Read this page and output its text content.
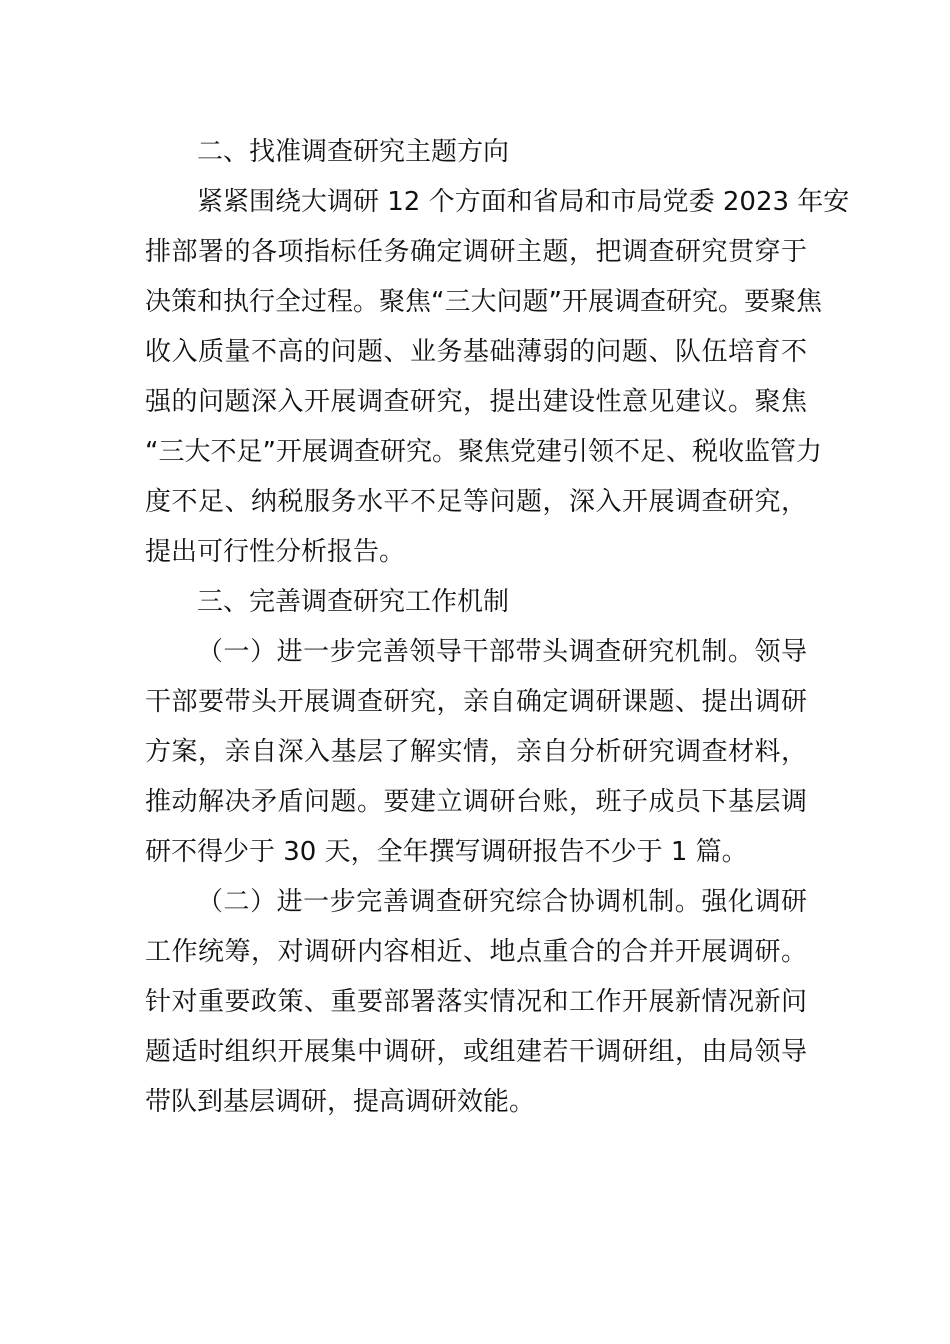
二、找准调查研究主题方向
紧紧围绕大调研 12 个方面和省局和市局党委 2023 年安
排部署的各项指标任务确定调研主题，把调查研究贯穿于
决策和执行全过程。聚焦“三大问题”开展调查研究。要聚焦
收入质量不高的问题、业务基础薄弱的问题、队伍培育不
强的问题深入开展调查研究，提出建设性意见建议。聚焦
“三大不足”开展调查研究。聚焦党建引领不足、税收监管力
度不足、纳税服务水平不足等问题，深入开展调查研究，
提出可行性分析报告。
三、完善调查研究工作机制
（一）进一步完善领导干部带头调查研究机制。领导
干部要带头开展调查研究，亲自确定调研课题、提出调研
方案，亲自深入基层了解实情，亲自分析研究调查材料，
推动解决矛盾问题。要建立调研台账，班子成员下基层调
研不得少于 30 天，全年撰写调研报告不少于 1 篇。
（二）进一步完善调查研究综合协调机制。强化调研
工作统筹，对调研内容相近、地点重合的合并开展调研。
针对重要政策、重要部署落实情况和工作开展新情况新问
题适时组织开展集中调研，或组建若干调研组，由局领导
带队到基层调研，提高调研效能。
